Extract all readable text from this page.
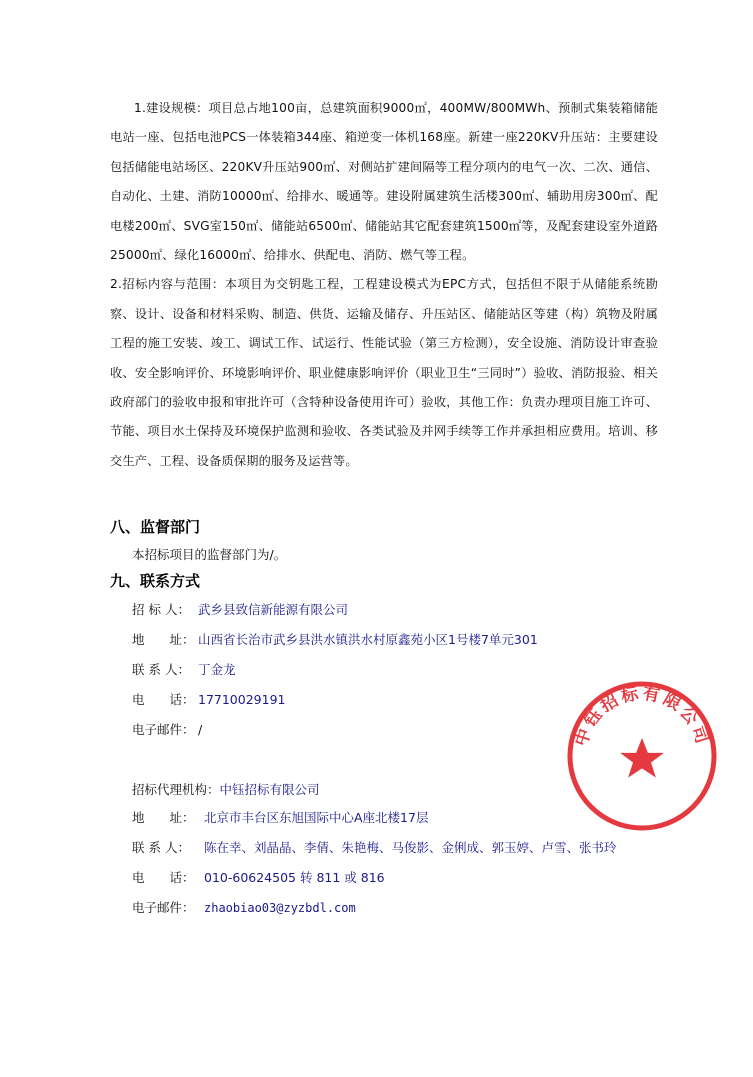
1.建设规模：项目总占地100亩，总建筑面积9000㎡，400MW/800MWh、预制式集装箱储能电站一座、包括电池PCS一体装箱344座、箱逆变一体机168座。新建一座220KV升压站：主要建设包括储能电站场区、220KV升压站900㎡、对侧站扩建间隔等工程分项内的电气一次、二次、通信、自动化、土建、消防10000㎡、给排水、暖通等。建设附属建筑生活楼300㎡、辅助用房300㎡、配电楼200㎡、SVG室150㎡、储能站6500㎡、储能站其它配套建筑1500㎡等，及配套建设室外道路25000㎡、绿化16000㎡、给排水、供配电、消防、燃气等工程。

2.招标内容与范围：本项目为交钥匙工程，工程建设模式为EPC方式，包括但不限于从储能系统勘察、设计、设备和材料采购、制造、供货、运输及储存、升压站区、储能站区等建（构）筑物及附属工程的施工安装、竣工、调试工作、试运行、性能试验（第三方检测），安全设施、消防设计审查验收、安全影响评价、环境影响评价、职业健康影响评价（职业卫生“三同时”）验收、消防报验、相关政府部门的验收申报和审批许可（含特种设备使用许可）验收，其他工作：负责办理项目施工许可、节能、项目水土保持及环境保护监测和验收、各类试验及并网手续等工作并承担相应费用。培训、移交生产、工程、设备质保期的服务及运营等。

八、监督部门
本招标项目的监督部门为/。
九、联系方式
招 标 人： 武乡县致信新能源有限公司
地　　址： 山西省长治市武乡县洪水镇洪水村原鑫苑小区1号楼7单元301
联 系 人： 丁金龙
电　　话： 17710029191
电子邮件： /
招标代理机构：中钰招标有限公司
地　　址： 北京市丰台区东旭国际中心A座北楼17层
联 系 人： 陈在幸、刘晶晶、李倩、朱艳梅、马俊影、金俐成、郭玉婷、卢雪、张书玲
电　　话： 010-60624505 转 811 或 816
电子邮件： zhaobiao03@zyzbdl.com
中钰招标有限公司
